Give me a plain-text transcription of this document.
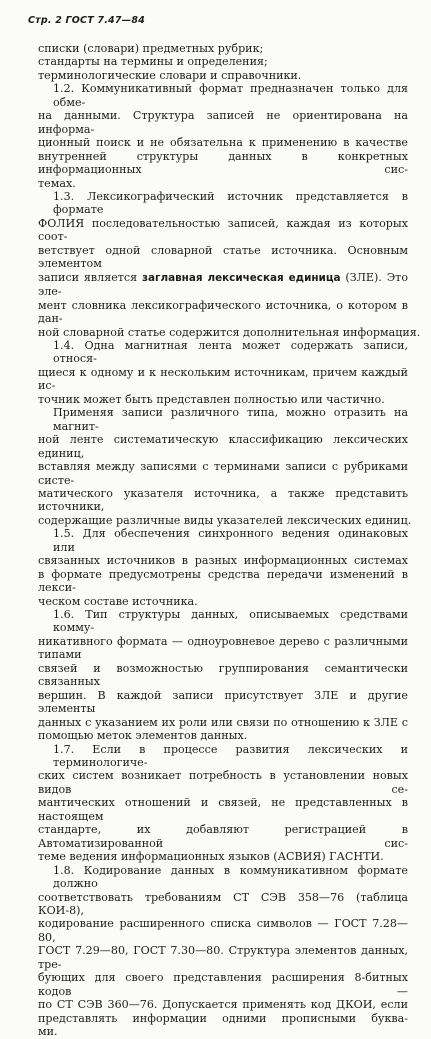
Стр. 2 ГОСТ 7.47—84
списки (словари) предметных рубрик;
стандарты на термины и определения;
терминологические словари и справочники.
1.2. Коммуникативный формат предназначен только для обме-
на данными. Структура записей не ориентирована на информа-
ционный поиск и не обязательна к применению в качестве
внутренней структуры данных в конкретных информационных сис-
темах.
1.3. Лексикографический источник представляется в формате
ФОЛИЯ последовательностью записей, каждая из которых соот-
ветствует одной словарной статье источника. Основным элементом
записи является заглавная лексическая единица (ЗЛЕ). Это эле-
мент словника лексикографического источника, о котором в дан-
ной словарной статье содержится дополнительная информация.
1.4. Одна магнитная лента может содержать записи, относя-
щиеся к одному и к нескольким источникам, причем каждый ис-
точник может быть представлен полностью или частично.
Применяя записи различного типа, можно отразить на магнит-
ной ленте систематическую классификацию лексических единиц,
вставляя между записями с терминами записи с рубриками систе-
матического указателя источника, а также представить источники,
содержащие различные виды указателей лексических единиц.
1.5. Для обеспечения синхронного ведения одинаковых или
связанных источников в разных информационных системах
в формате предусмотрены средства передачи изменений в лекси-
ческом составе источника.
1.6. Тип структуры данных, описываемых средствами комму-
никативного формата — одноуровневое дерево с различными типами
связей и возможностью группирования семантически связанных
вершин. В каждой записи присутствует ЗЛЕ и другие элементы
данных с указанием их роли или связи по отношению к ЗЛЕ с
помощью меток элементов данных.
1.7. Если в процессе развития лексических и терминологиче-
ских систем возникает потребность в установлении новых видов се-
мантических отношений и связей, не представленных в настоящем
стандарте, их добавляют регистрацией в Автоматизированной сис-
теме ведения информационных языков (АСВИЯ) ГАСНТИ.
1.8. Кодирование данных в коммуникативном формате должно
соответствовать требованиям СТ СЭВ 358—76 (таблица КОИ-8),
кодирование расширенного списка символов — ГОСТ 7.28—80,
ГОСТ 7.29—80, ГОСТ 7.30—80. Структура элементов данных, тре-
бующих для своего представления расширения 8-битных кодов —
по СТ СЭВ 360—76. Допускается применять код ДКОИ, если
представлять информации одними прописными буква-
ми.
